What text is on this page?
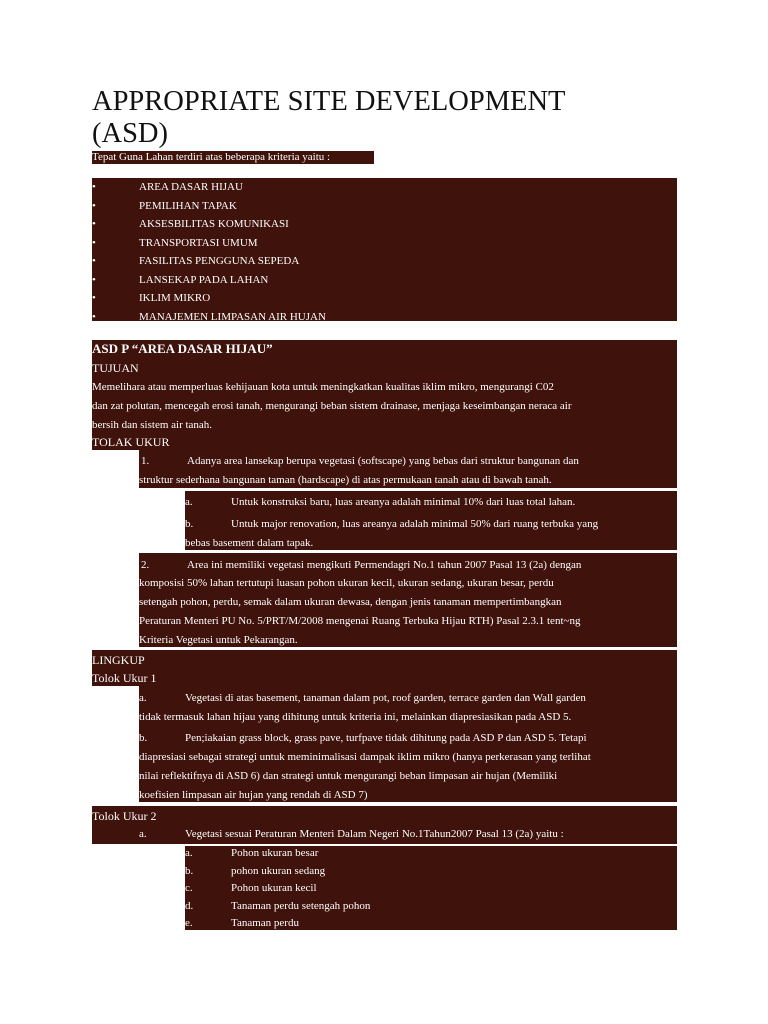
APPROPRIATE SITE DEVELOPMENT
(ASD)
Tepat Guna Lahan terdiri atas beberapa kriteria yaitu :
•	AREA DASAR HIJAU
•	PEMILIHAN TAPAK
•	AKSESBILITAS KOMUNIKASI
•	TRANSPORTASI UMUM
•	FASILITAS PENGGUNA SEPEDA
•	LANSEKAP PADA LAHAN
•	IKLIM MIKRO
•	MANAJEMEN LIMPASAN AIR HUJAN
ASD P “AREA DASAR HIJAU”
TUJUAN
Memelihara atau memperluas kehijauan kota untuk meningkatkan kualitas iklim mikro, mengurangi C02
dan zat polutan, mencegah erosi tanah, mengurangi beban sistem drainase, menjaga keseimbangan neraca air
bersih dan sistem air tanah.
TOLAK UKUR
1.	Adanya area lansekap berupa vegetasi (softscape) yang bebas dari struktur bangunan dan
struktur sederhana bangunan taman (hardscape) di atas permukaan tanah atau di bawah tanah.
a.	Untuk konstruksi baru, luas areanya adalah minimal 10% dari luas total lahan.
b.	Untuk major renovation, luas areanya adalah minimal 50% dari ruang terbuka yang
bebas basement dalam tapak.
2.	Area ini memiliki vegetasi mengikuti Permendagri No.1 tahun 2007 Pasal 13 (2a) dengan
komposisi 50% lahan tertutupi luasan pohon ukuran kecil, ukuran sedang, ukuran besar, perdu
setengah pohon, perdu, semak dalam ukuran dewasa, dengan jenis tanaman mempertimbangkan
Peraturan Menteri PU No. 5/PRT/M/2008 mengenai Ruang Terbuka Hijau RTH) Pasal 2.3.1 tent~ng
Kriteria Vegetasi untuk Pekarangan.
LINGKUP
Tolok Ukur 1
a.	Vegetasi di atas basement, tanaman dalam pot, roof garden, terrace garden dan Wall garden
tidak termasuk lahan hijau yang dihitung untuk kriteria ini, melainkan diapresiasikan pada ASD 5.
b.	Pen;iakaian grass block, grass pave, turfpave tidak dihitung pada ASD P dan ASD 5. Tetapi
diapresiasi sebagai strategi untuk meminimalisasi dampak iklim mikro (hanya perkerasan yang terlihat
nilai reflektifnya di ASD 6) dan strategi untuk mengurangi beban limpasan air hujan (Memiliki
koefisien limpasan air hujan yang rendah di ASD 7)
Tolok Ukur 2
a.	Vegetasi sesuai Peraturan Menteri Dalam Negeri No.1Tahun2007 Pasal 13 (2a) yaitu :
a.	Pohon ukuran besar
b.	pohon ukuran sedang
c.	Pohon ukuran kecil
d.	Tanaman perdu setengah pohon
e.	Tanaman perdu
